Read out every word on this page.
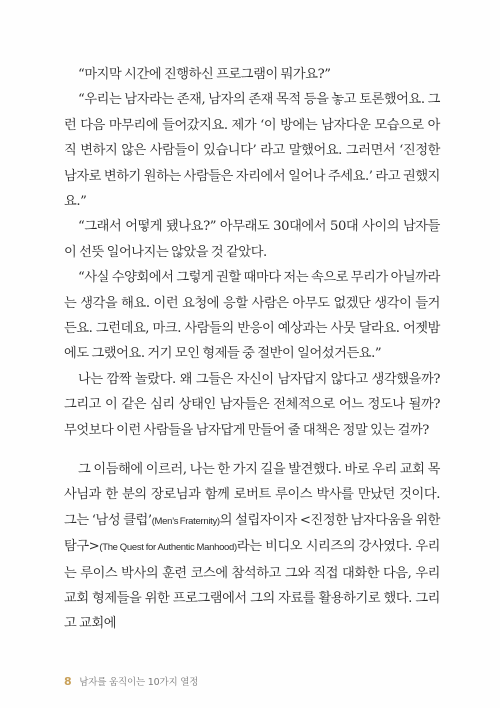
“마지막 시간에 진행하신 프로그램이 뭐가요?”

“우리는 남자라는 존재, 남자의 존재 목적 등을 놓고 토론했어요. 그런 다음 마무리에 들어갔지요. 제가 ‘이 방에는 남자다운 모습으로 아직 변하지 않은 사람들이 있습니다’ 라고 말했어요. 그러면서 ‘진정한 남자로 변하기 원하는 사람들은 자리에서 일어나 주세요.’ 라고 권했지요.”

“그래서 어떻게 됐나요?” 아무래도 30대에서 50대 사이의 남자들이 선뜻 일어나지는 않았을 것 같았다.

“사실 수양회에서 그렇게 권할 때마다 저는 속으로 무리가 아닐까라는 생각을 해요. 이런 요청에 응할 사람은 아무도 없겠단 생각이 들거든요. 그런데요, 마크. 사람들의 반응이 예상과는 사뭇 달라요. 어젯밤에도 그랬어요. 거기 모인 형제들 중 절반이 일어섰거든요.”

나는 깜짝 놀랐다. 왜 그들은 자신이 남자답지 않다고 생각했을까? 그리고 이 같은 심리 상태인 남자들은 전체적으로 어느 정도나 될까? 무엇보다 이런 사람들을 남자답게 만들어 줄 대책은 정말 있는 걸까?

그 이듬해에 이르러, 나는 한 가지 길을 발견했다. 바로 우리 교회 목사님과 한 분의 장로님과 함께 로버트 루이스 박사를 만났던 것이다. 그는 ‘남성 클럽’(Men’s Fraternity)의 설립자이자 <진정한 남자다움을 위한 탐구>(The Quest for Authentic Manhood)라는 비디오 시리즈의 강사였다. 우리는 루이스 박사의 훈련 코스에 참석하고 그와 직접 대화한 다음, 우리 교회 형제들을 위한 프로그램에서 그의 자료를 활용하기로 했다. 그리고 교회에

8 남자를 움직이는 10가지 열정
